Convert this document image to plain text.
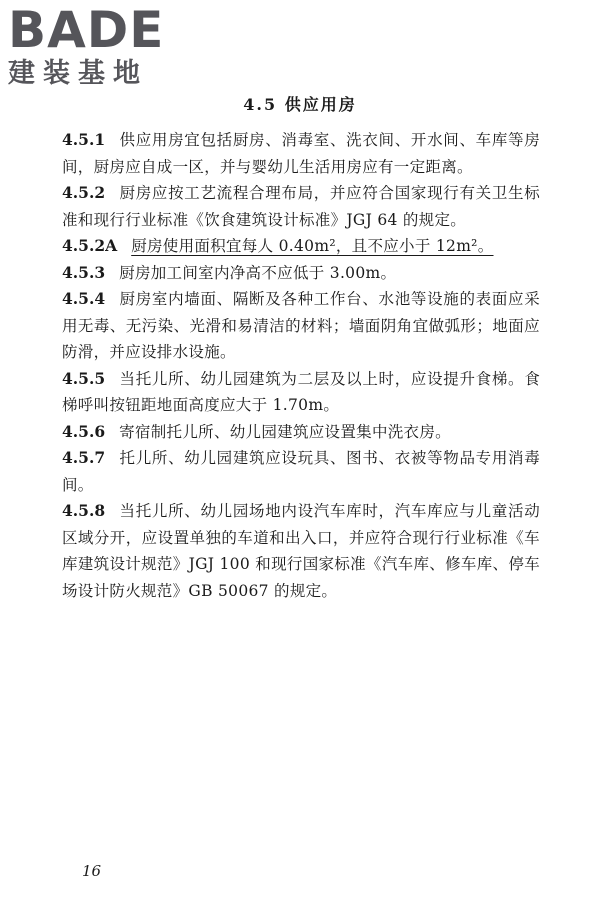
BADE
建装基地
4.5 供应用房

4.5.1 供应用房宜包括厨房、消毒室、洗衣间、开水间、车库等房间，厨房应自成一区，并与婴幼儿生活用房应有一定距离。

4.5.2 厨房应按工艺流程合理布局，并应符合国家现行有关卫生标准和现行行业标准《饮食建筑设计标准》JGJ 64 的规定。

4.5.2A 厨房使用面积宜每人 0.40m²，且不应小于 12m²。

4.5.3 厨房加工间室内净高不应低于 3.00m。

4.5.4 厨房室内墙面、隔断及各种工作台、水池等设施的表面应采用无毒、无污染、光滑和易清洁的材料；墙面阴角宜做弧形；地面应防滑，并应设排水设施。

4.5.5 当托儿所、幼儿园建筑为二层及以上时，应设提升食梯。食梯呼叫按钮距地面高度应大于 1.70m。

4.5.6 寄宿制托儿所、幼儿园建筑应设置集中洗衣房。

4.5.7 托儿所、幼儿园建筑应设玩具、图书、衣被等物品专用消毒间。

4.5.8 当托儿所、幼儿园场地内设汽车库时，汽车库应与儿童活动区域分开，应设置单独的车道和出入口，并应符合现行行业标准《车库建筑设计规范》JGJ 100 和现行国家标准《汽车库、修车库、停车场设计防火规范》GB 50067 的规定。

16
